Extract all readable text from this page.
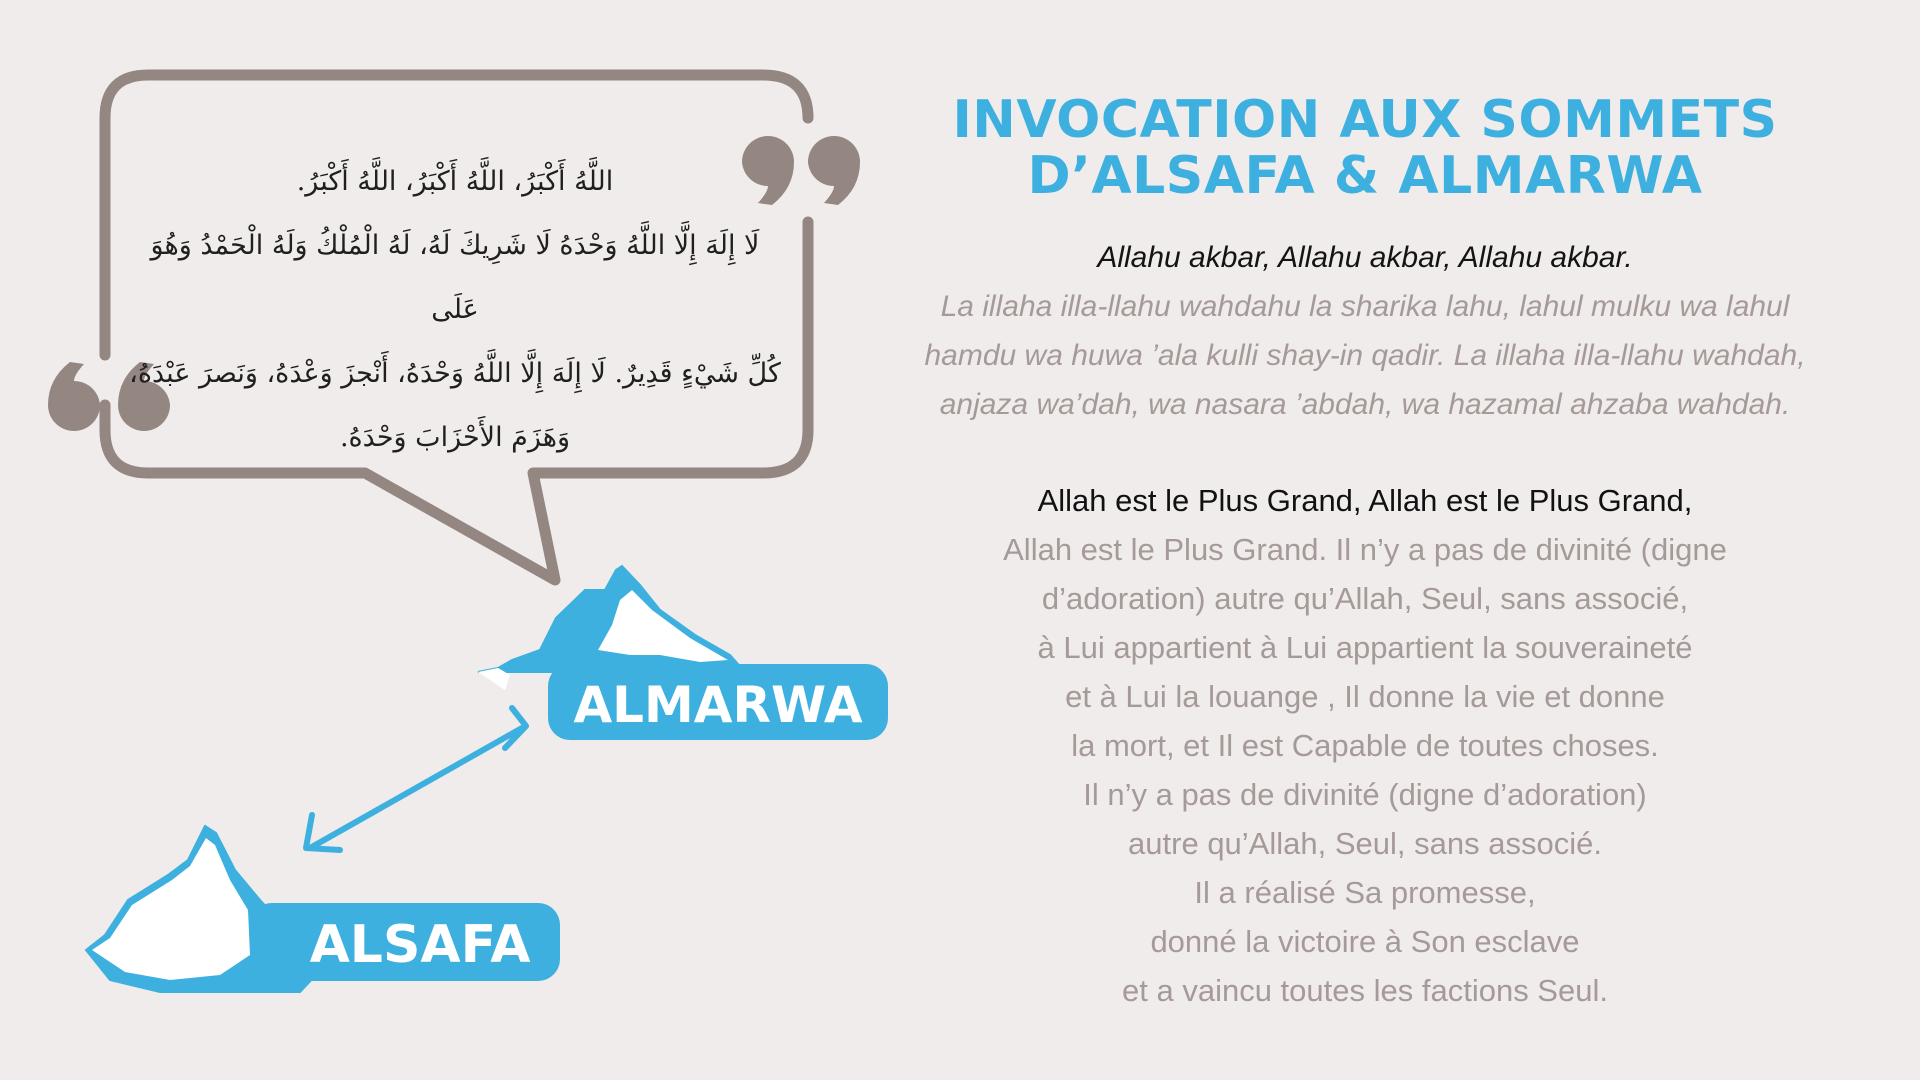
ALMARWA
ALSAFA

اللَّهُ أَكْبَرُ، اللَّهُ أَكْبَرُ، اللَّهُ أَكْبَرُ.

لَا إِلَهَ إِلَّا اللَّهُ وَحْدَهُ لَا شَرِيكَ لَهُ، لَهُ الْمُلْكُ وَلَهُ الْحَمْدُ وَهُوَ عَلَى

كُلِّ شَيْءٍ قَدِيرٌ. لَا إِلَهَ إِلَّا اللَّهُ وَحْدَهُ، أَنْجزَ وَعْدَهُ، وَنَصرَ عَبْدَهُ،

وَهَزَمَ الأَحْزَابَ وَحْدَهُ.

INVOCATION AUX SOMMETS
D’ALSAFA & ALMARWA
Allahu akbar, Allahu akbar, Allahu akbar.
La illaha illa-llahu wahdahu la sharika lahu, lahul mulku wa lahul
hamdu wa huwa ’ala kulli shay-in qadir. La illaha illa-llahu wahdah,
anjaza wa’dah, wa nasara ’abdah, wa hazamal ahzaba wahdah.
Allah est le Plus Grand, Allah est le Plus Grand,
Allah est le Plus Grand. Il n’y a pas de divinité (digne
d’adoration) autre qu’Allah, Seul, sans associé,
à Lui appartient à Lui appartient la souveraineté
et à Lui la louange , Il donne la vie et donne
la mort, et Il est Capable de toutes choses.
Il n’y a pas de divinité (digne d’adoration)
autre qu’Allah, Seul, sans associé.
Il a réalisé Sa promesse,
donné la victoire à Son esclave
et a vaincu toutes les factions Seul.
